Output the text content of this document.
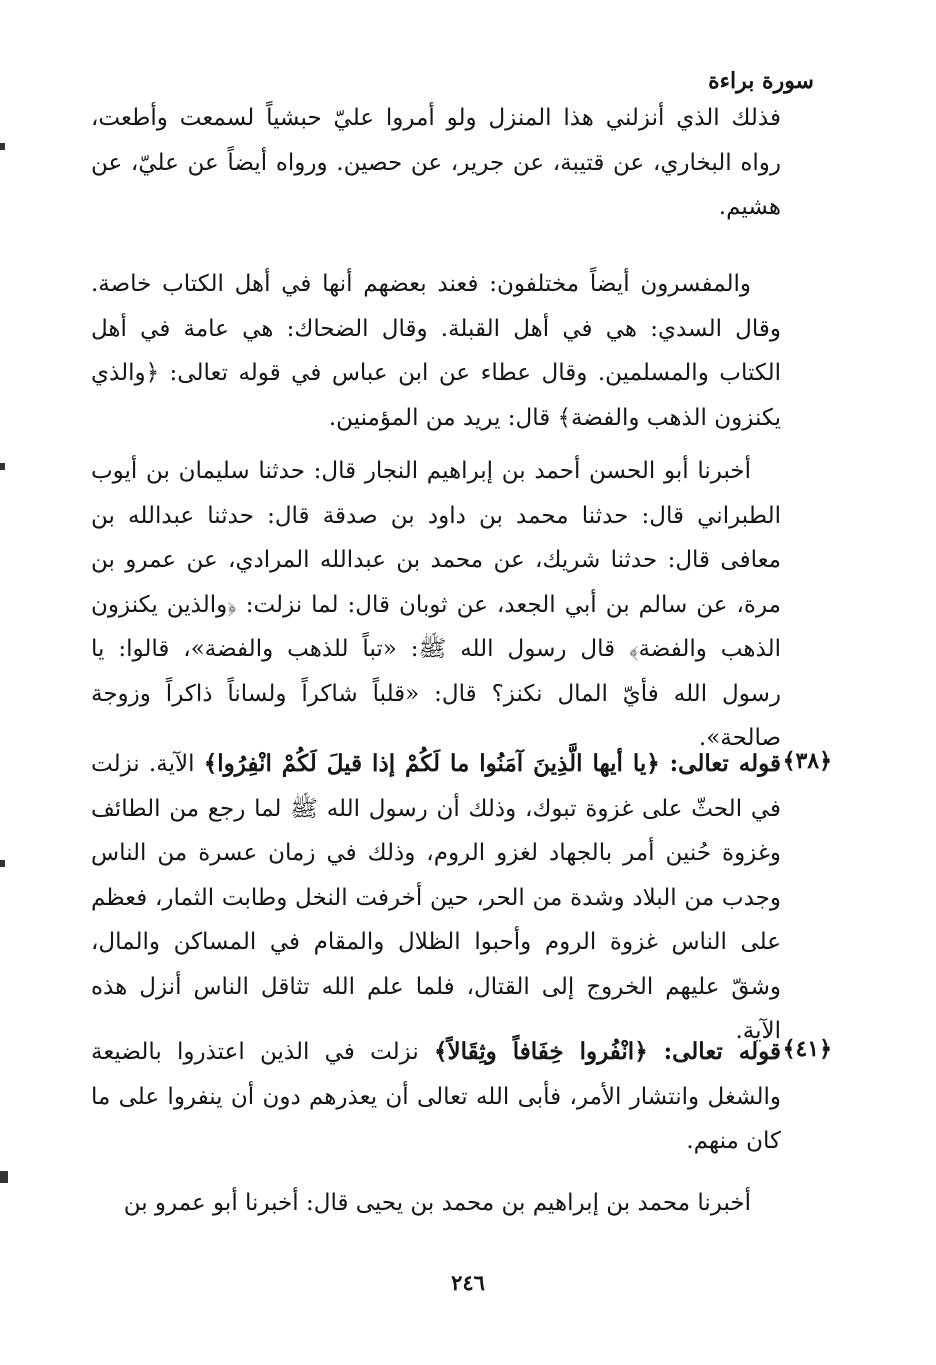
سورة براءة

فذلك الذي أنزلني هذا المنزل ولو أمروا عليّ حبشياً لسمعت وأطعت، رواه البخاري، عن قتيبة، عن جرير، عن حصين. ورواه أيضاً عن عليّ، عن هشيم.

والمفسرون أيضاً مختلفون: فعند بعضهم أنها في أهل الكتاب خاصة. وقال السدي: هي في أهل القبلة. وقال الضحاك: هي عامة في أهل الكتاب والمسلمين. وقال عطاء عن ابن عباس في قوله تعالى: ﴿والذي يكنزون الذهب والفضة﴾ قال: يريد من المؤمنين.

أخبرنا أبو الحسن أحمد بن إبراهيم النجار قال: حدثنا سليمان بن أيوب الطبراني قال: حدثنا محمد بن داود بن صدقة قال: حدثنا عبدالله بن معافى قال: حدثنا شريك، عن محمد بن عبدالله المرادي، عن عمرو بن مرة، عن سالم بن أبي الجعد، عن ثوبان قال: لما نزلت: ﴿والذين يكنزون الذهب والفضة﴾ قال رسول الله ﷺ: «تباً للذهب والفضة»، قالوا: يا رسول الله فأيّ المال نكنز؟ قال: «قلباً شاكراً ولساناً ذاكراً وزوجة صالحة».

﴿٣٨﴾

قوله تعالى: ﴿يا أيها الَّذِينَ آمَنُوا ما لَكُمْ إذا قيلَ لَكُمْ انْفِرُوا﴾ الآية. نزلت في الحثّ على غزوة تبوك، وذلك أن رسول الله ﷺ لما رجع من الطائف وغزوة حُنين أمر بالجهاد لغزو الروم، وذلك في زمان عسرة من الناس وجدب من البلاد وشدة من الحر، حين أخرفت النخل وطابت الثمار، فعظم على الناس غزوة الروم وأحبوا الظلال والمقام في المساكن والمال، وشقّ عليهم الخروج إلى القتال، فلما علم الله تثاقل الناس أنزل هذه الآية.

﴿٤١﴾

قوله تعالى: ﴿انْفُروا خِفَافاً وثِقَالاً﴾ نزلت في الذين اعتذروا بالضيعة والشغل وانتشار الأمر، فأبى الله تعالى أن يعذرهم دون أن ينفروا على ما كان منهم.

أخبرنا محمد بن إبراهيم بن محمد بن يحيى قال: أخبرنا أبو عمرو بن

٢٤٦
